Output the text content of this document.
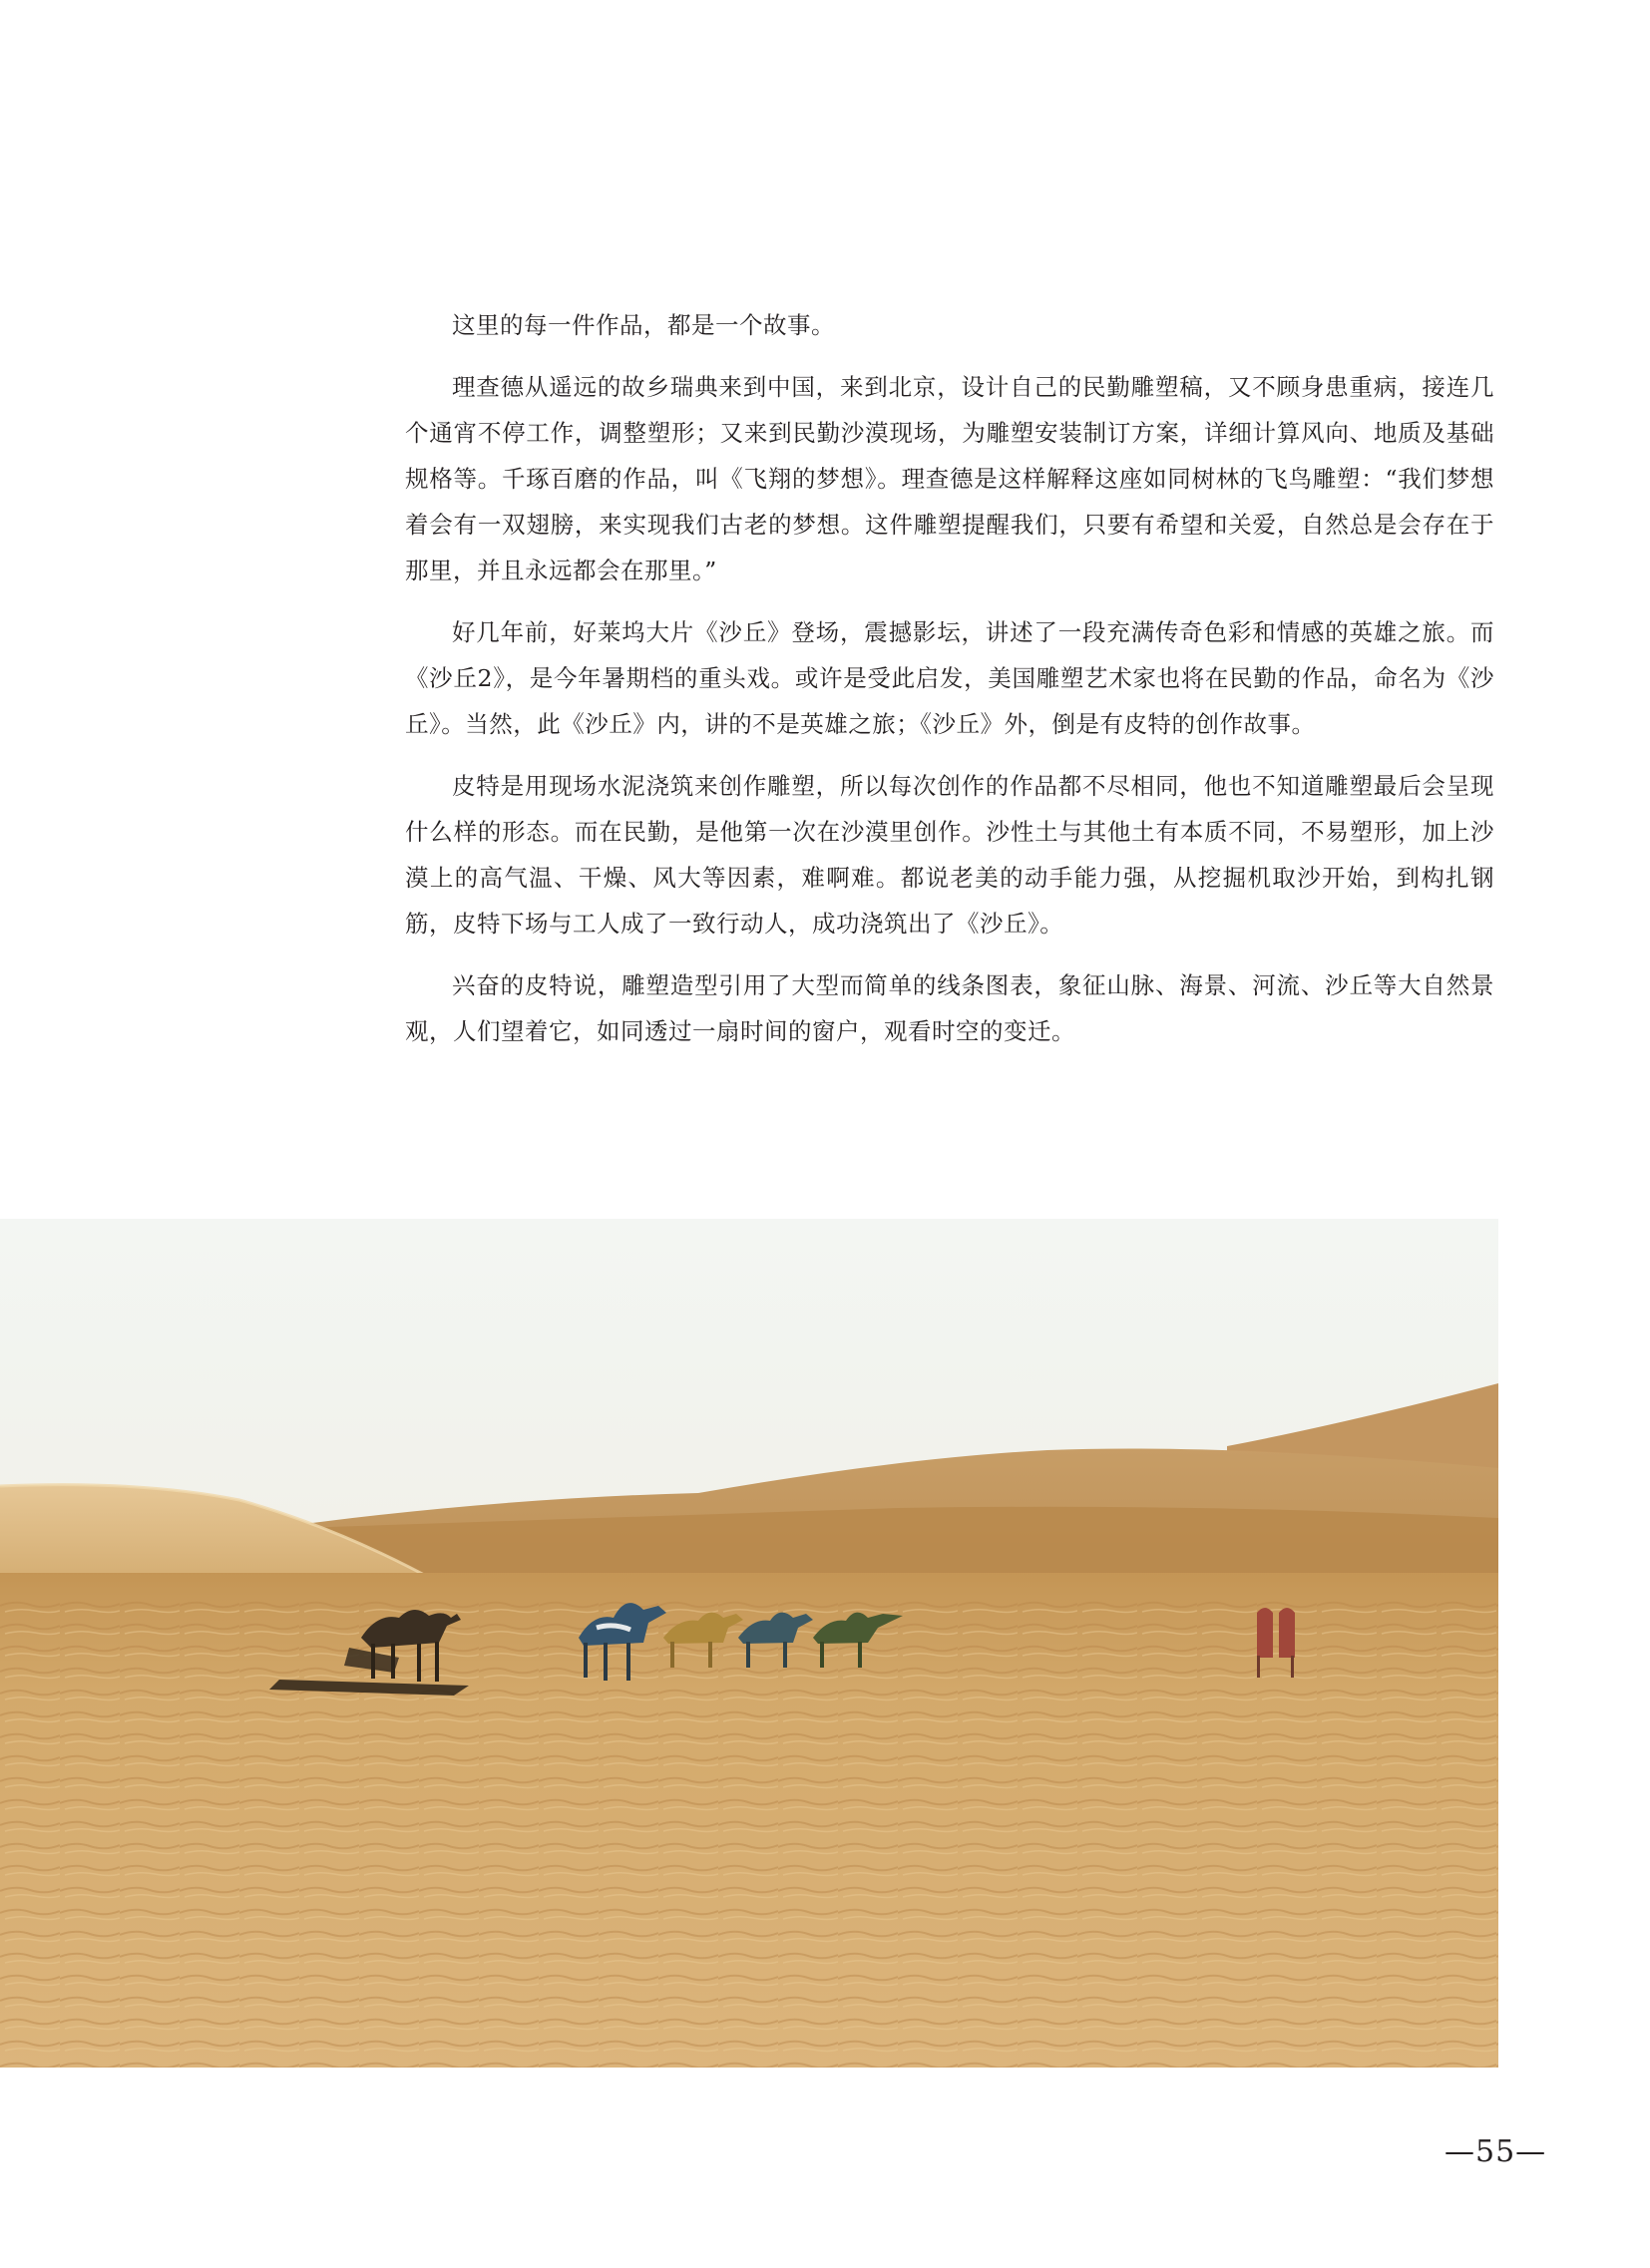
这里的每一件作品，都是一个故事。

理查德从遥远的故乡瑞典来到中国，来到北京，设计自己的民勤雕塑稿，又不顾身患重病，接连几个通宵不停工作，调整塑形；又来到民勤沙漠现场，为雕塑安装制订方案，详细计算风向、地质及基础规格等。千琢百磨的作品，叫《飞翔的梦想》。理查德是这样解释这座如同树林的飞鸟雕塑：“我们梦想着会有一双翅膀，来实现我们古老的梦想。这件雕塑提醒我们，只要有希望和关爱，自然总是会存在于那里，并且永远都会在那里。”

好几年前，好莱坞大片《沙丘》登场，震撼影坛，讲述了一段充满传奇色彩和情感的英雄之旅。而《沙丘2》，是今年暑期档的重头戏。或许是受此启发，美国雕塑艺术家也将在民勤的作品，命名为《沙丘》。当然，此《沙丘》内，讲的不是英雄之旅；《沙丘》外，倒是有皮特的创作故事。

皮特是用现场水泥浇筑来创作雕塑，所以每次创作的作品都不尽相同，他也不知道雕塑最后会呈现什么样的形态。而在民勤，是他第一次在沙漠里创作。沙性土与其他土有本质不同，不易塑形，加上沙漠上的高气温、干燥、风大等因素，难啊难。都说老美的动手能力强，从挖掘机取沙开始，到构扎钢筋，皮特下场与工人成了一致行动人，成功浇筑出了《沙丘》。

兴奋的皮特说，雕塑造型引用了大型而简单的线条图表，象征山脉、海景、河流、沙丘等大自然景观，人们望着它，如同透过一扇时间的窗户，观看时空的变迁。

—55—
